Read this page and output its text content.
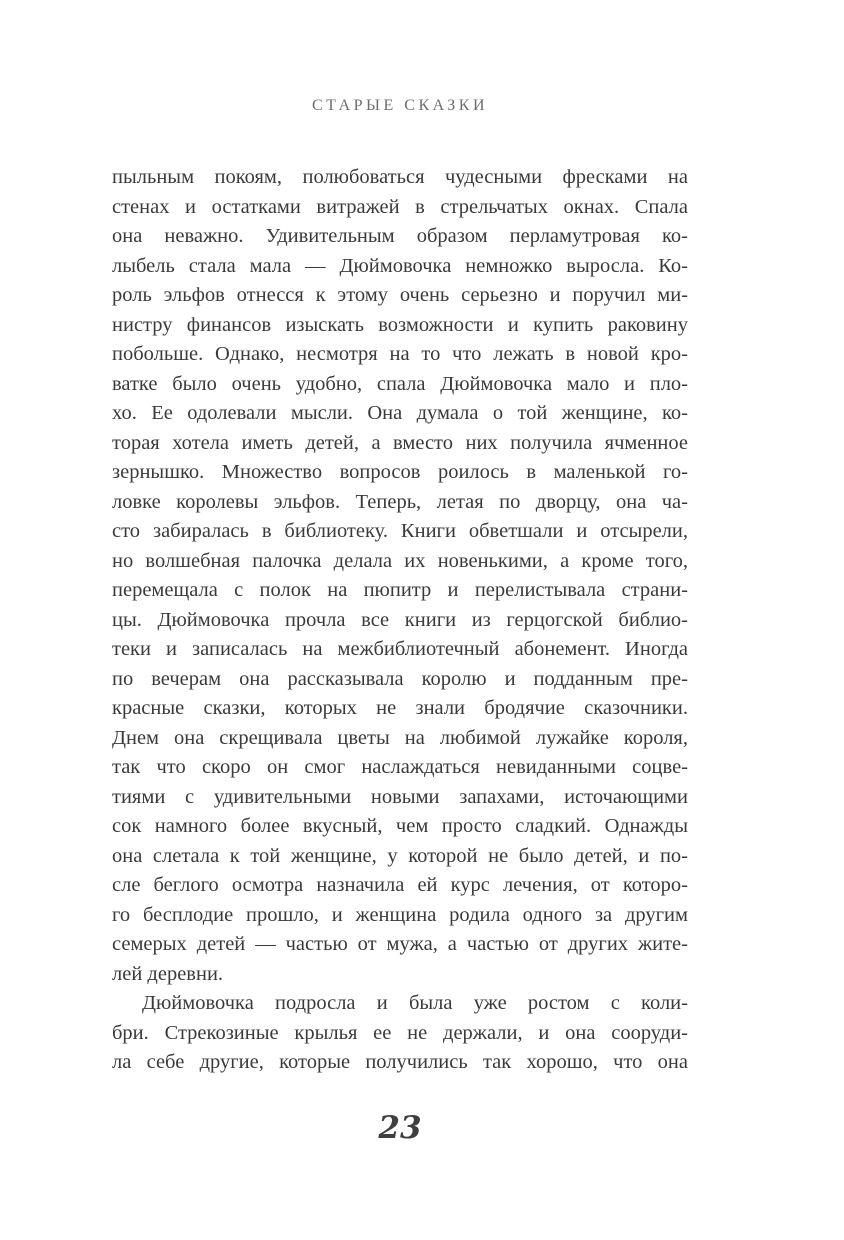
СТАРЫЕ СКАЗКИ
пыльным покоям, полюбоваться чудесными фресками на
стенах и остатками витражей в стрельчатых окнах. Спала
она неважно. Удивительным образом перламутровая ко-
лыбель стала мала — Дюймовочка немножко выросла. Ко-
роль эльфов отнесся к этому очень серьезно и поручил ми-
нистру финансов изыскать возможности и купить раковину
побольше. Однако, несмотря на то что лежать в новой кро-
ватке было очень удобно, спала Дюймовочка мало и пло-
хо. Ее одолевали мысли. Она думала о той женщине, ко-
торая хотела иметь детей, а вместо них получила ячменное
зернышко. Множество вопросов роилось в маленькой го-
ловке королевы эльфов. Теперь, летая по дворцу, она ча-
сто забиралась в библиотеку. Книги обветшали и отсырели,
но волшебная палочка делала их новенькими, а кроме того,
перемещала с полок на пюпитр и перелистывала страни-
цы. Дюймовочка прочла все книги из герцогской библио-
теки и записалась на межбиблиотечный абонемент. Иногда
по вечерам она рассказывала королю и подданным пре-
красные сказки, которых не знали бродячие сказочники.
Днем она скрещивала цветы на любимой лужайке короля,
так что скоро он смог наслаждаться невиданными соцве-
тиями с удивительными новыми запахами, источающими
сок намного более вкусный, чем просто сладкий. Однажды
она слетала к той женщине, у которой не было детей, и по-
сле беглого осмотра назначила ей курс лечения, от которо-
го бесплодие прошло, и женщина родила одного за другим
семерых детей — частью от мужа, а частью от других жите-
лей деревни.
Дюймовочка подросла и была уже ростом с коли-
бри. Стрекозиные крылья ее не держали, и она сооруди-
ла себе другие, которые получились так хорошо, что она
23
